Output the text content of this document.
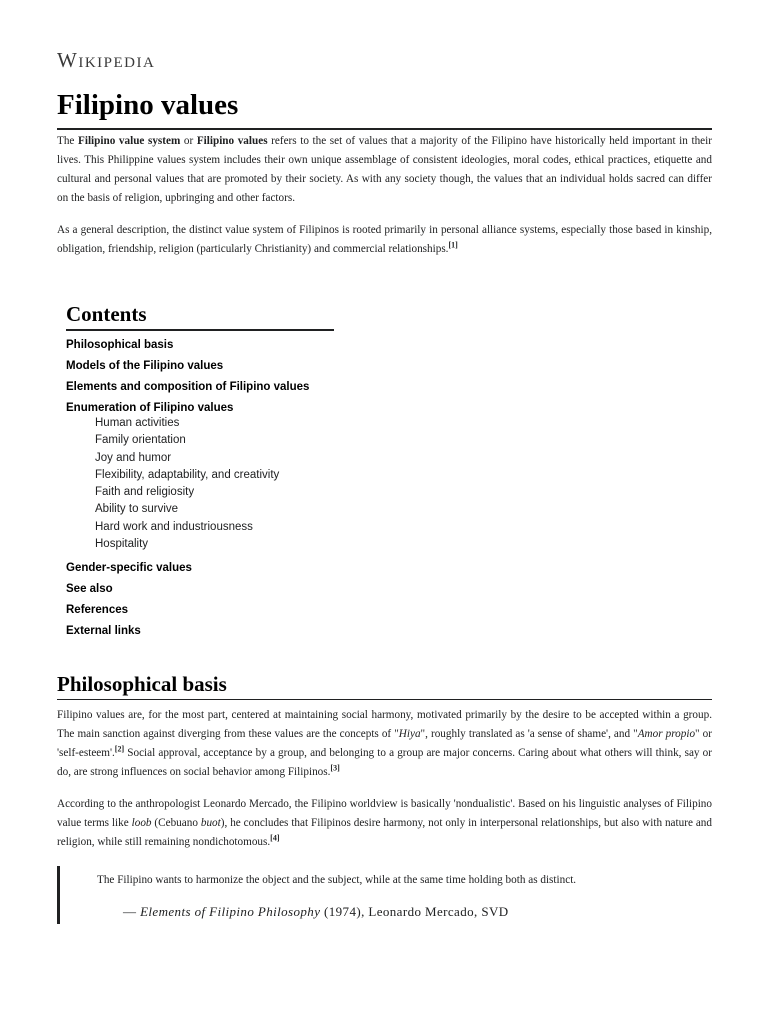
Wikipedia
Filipino values

The Filipino value system or Filipino values refers to the set of values that a majority of the Filipino have historically held important in their lives. This Philippine values system includes their own unique assemblage of consistent ideologies, moral codes, ethical practices, etiquette and cultural and personal values that are promoted by their society. As with any society though, the values that an individual holds sacred can differ on the basis of religion, upbringing and other factors.

As a general description, the distinct value system of Filipinos is rooted primarily in personal alliance systems, especially those based in kinship, obligation, friendship, religion (particularly Christianity) and commercial relationships.[1]

Contents
Philosophical basis
Models of the Filipino values
Elements and composition of Filipino values
Enumeration of Filipino values
Human activities
Family orientation
Joy and humor
Flexibility, adaptability, and creativity
Faith and religiosity
Ability to survive
Hard work and industriousness
Hospitality
Gender-specific values
See also
References
External links
Philosophical basis

Filipino values are, for the most part, centered at maintaining social harmony, motivated primarily by the desire to be accepted within a group. The main sanction against diverging from these values are the concepts of "Hiya", roughly translated as 'a sense of shame', and "Amor propio" or 'self-esteem'.[2] Social approval, acceptance by a group, and belonging to a group are major concerns. Caring about what others will think, say or do, are strong influences on social behavior among Filipinos.[3]

According to the anthropologist Leonardo Mercado, the Filipino worldview is basically 'nondualistic'. Based on his linguistic analyses of Filipino value terms like loob (Cebuano buot), he concludes that Filipinos desire harmony, not only in interpersonal relationships, but also with nature and religion, while still remaining nondichotomous.[4]

The Filipino wants to harmonize the object and the subject, while at the same time holding both as distinct.
— Elements of Filipino Philosophy (1974), Leonardo Mercado, SVD
